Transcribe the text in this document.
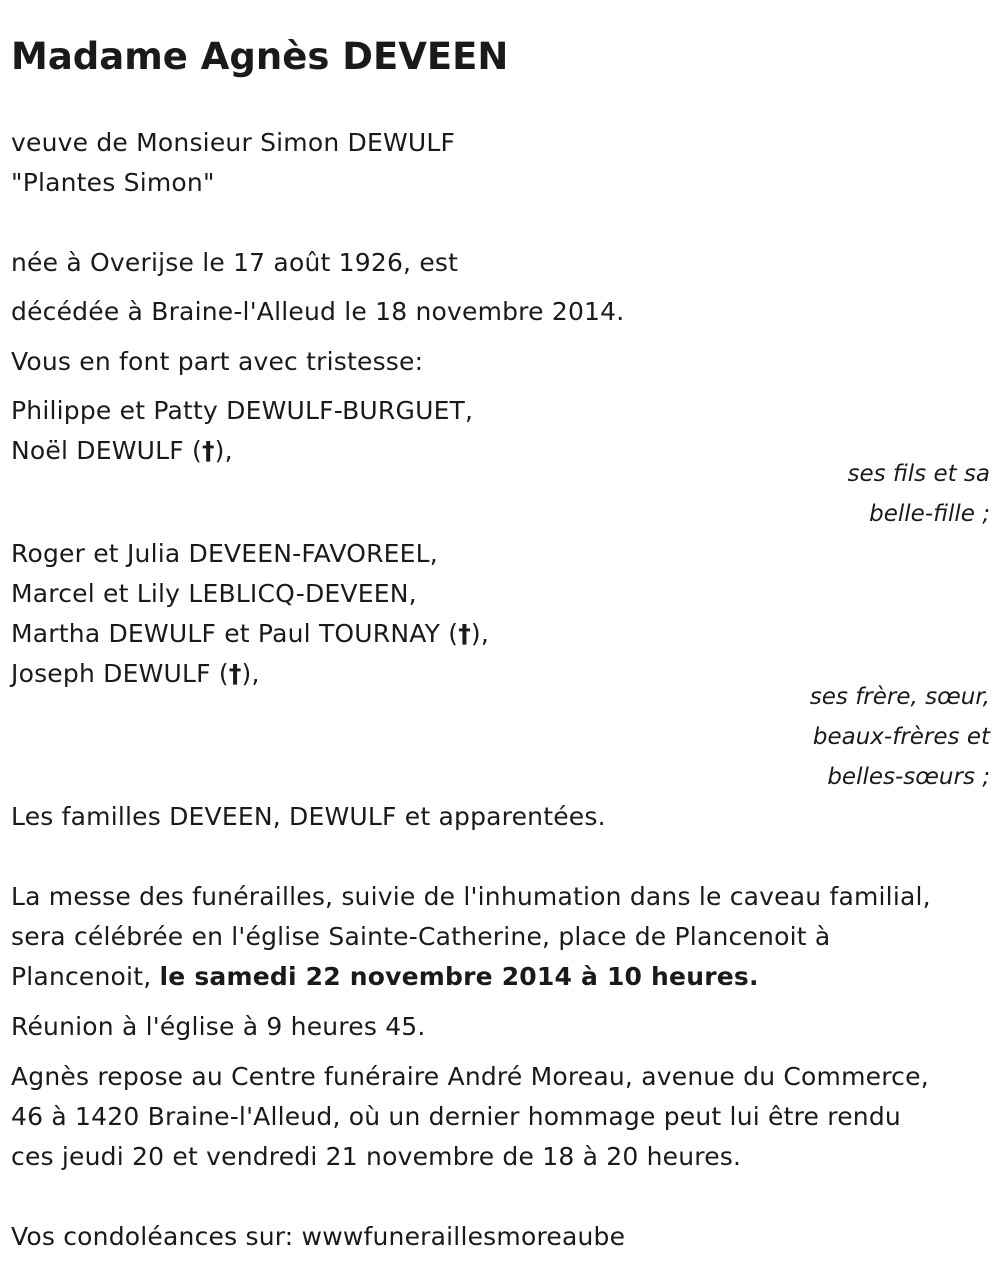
Madame Agnès DEVEEN

veuve de Monsieur Simon DEWULF

"Plantes Simon"

née à Overijse le 17 août 1926, est

décédée à Braine-l'Alleud le 18 novembre 2014.

Vous en font part avec tristesse:

Philippe et Patty DEWULF-BURGUET,

Noël DEWULF (†),

ses fils et sa

belle-fille ;

Roger et Julia DEVEEN-FAVOREEL,

Marcel et Lily LEBLICQ-DEVEEN,

Martha DEWULF et Paul TOURNAY (†),

Joseph DEWULF (†),

ses frère, sœur,

beaux-frères et

belles-sœurs ;

Les familles DEVEEN, DEWULF et apparentées.

La messe des funérailles, suivie de l'inhumation dans le caveau familial,

sera célébrée en l'église Sainte-Catherine, place de Plancenoit à

Plancenoit, le samedi 22 novembre 2014 à 10 heures.

Réunion à l'église à 9 heures 45.

Agnès repose au Centre funéraire André Moreau, avenue du Commerce,

46 à 1420 Braine-l'Alleud, où un dernier hommage peut lui être rendu

ces jeudi 20 et vendredi 21 novembre de 18 à 20 heures.

Vos condoléances sur: wwwfuneraillesmoreaube
